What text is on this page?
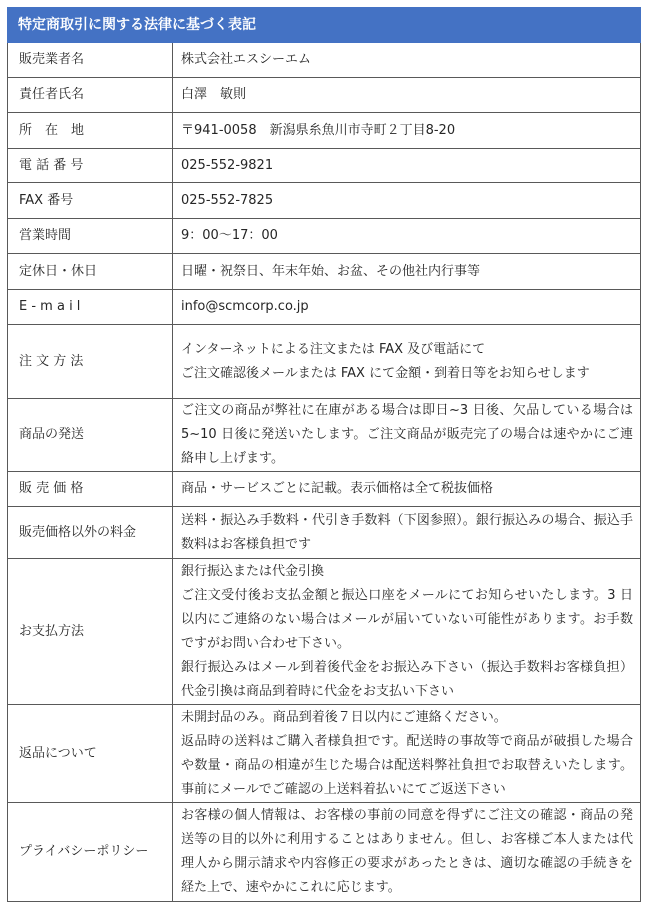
特定商取引に関する法律に基づく表記	
販売業者名	株式会社エスシーエム

責任者氏名	白澤　敏則

所　在　地	〒941-0058　新潟県糸魚川市寺町２丁目8-20

電 話 番 号	025-552-9821

FAX 番号	025-552-7825

営業時間	9：00〜17：00

定休日・休日	日曜・祝祭日、年末年始、お盆、その他社内行事等

E - m a i l	info@scmcorp.co.jp

注 文 方 法	インターネットによる注文または FAX 及び電話にて
ご注文確認後メールまたは FAX にて金額・到着日等をお知らせします

商品の発送	ご注文の商品が弊社に在庫がある場合は即日~3 日後、欠品している場合は 5~10 日後に発送いたします。ご注文商品が販売完了の場合は速やかにご連絡申し上げます。

販 売 価 格	商品・サービスごとに記載。表示価格は全て税抜価格

販売価格以外の料金	送料・振込み手数料・代引き手数料（下図参照）。銀行振込みの場合、振込手数料はお客様負担です

お支払方法	銀行振込または代金引換
ご注文受付後お支払金額と振込口座をメールにてお知らせいたします。3 日以内にご連絡のない場合はメールが届いていない可能性があります。お手数ですがお問い合わせ下さい。
銀行振込みはメール到着後代金をお振込み下さい（振込手数料お客様負担）代金引換は商品到着時に代金をお支払い下さい

返品について	未開封品のみ。商品到着後７日以内にご連絡ください。
返品時の送料はご購入者様負担です。配送時の事故等で商品が破損した場合や数量・商品の相違が生じた場合は配送料弊社負担でお取替えいたします。事前にメールでご確認の上送料着払いにてご返送下さい

プライバシーポリシー	お客様の個人情報は、お客様の事前の同意を得ずにご注文の確認・商品の発送等の目的以外に利用することはありません。但し、お客様ご本人または代理人から開示請求や内容修正の要求があったときは、適切な確認の手続きを経た上で、速やかにこれに応じます。
